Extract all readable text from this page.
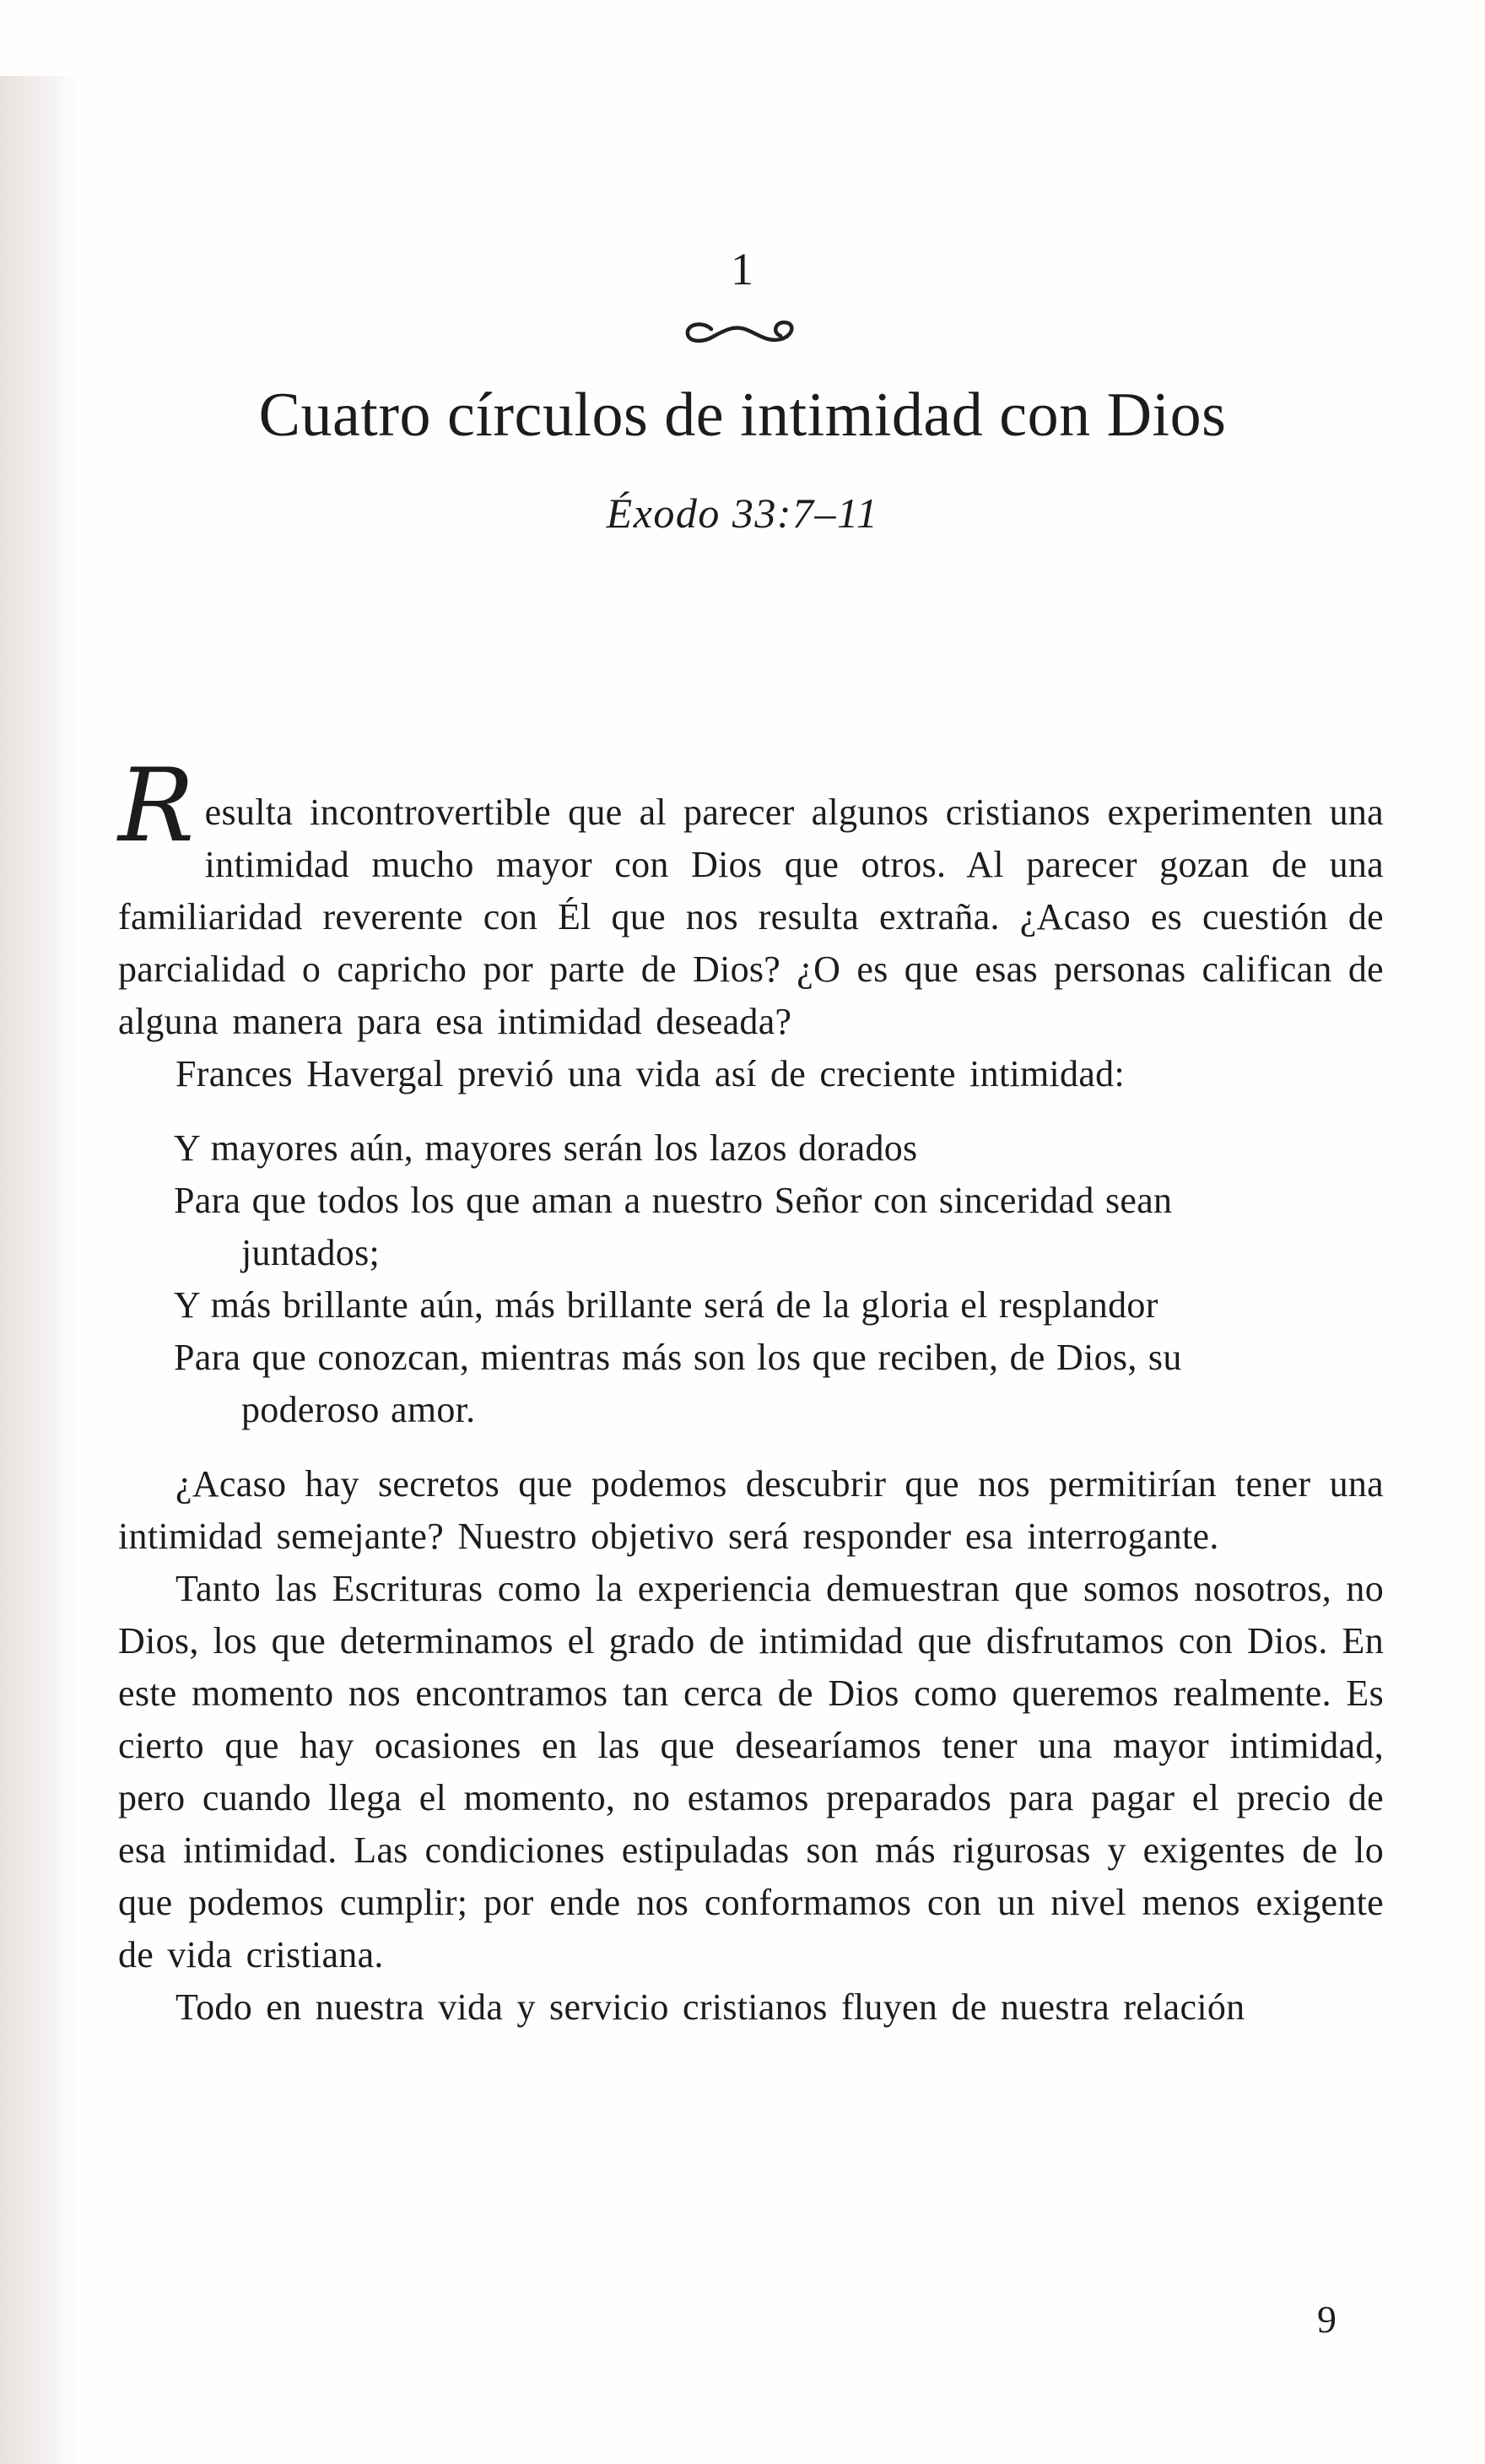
1
Cuatro círculos de intimidad con Dios
Éxodo 33:7–11

Resulta incontrovertible que al parecer algunos cristianos experimenten una intimidad mucho mayor con Dios que otros. Al parecer gozan de una familiaridad reverente con Él que nos resulta extraña. ¿Acaso es cuestión de parcialidad o capricho por parte de Dios? ¿O es que esas personas califican de alguna manera para esa intimidad deseada?

Frances Havergal previó una vida así de creciente intimidad:

Y mayores aún, mayores serán los lazos dorados
Para que todos los que aman a nuestro Señor con sinceridad sean
juntados;
Y más brillante aún, más brillante será de la gloria el resplandor
Para que conozcan, mientras más son los que reciben, de Dios, su
poderoso amor.

¿Acaso hay secretos que podemos descubrir que nos permitirían tener una intimidad semejante? Nuestro objetivo será responder esa interrogante.

Tanto las Escrituras como la experiencia demuestran que somos nosotros, no Dios, los que determinamos el grado de intimidad que disfrutamos con Dios. En este momento nos encontramos tan cerca de Dios como queremos realmente. Es cierto que hay ocasiones en las que desearíamos tener una mayor intimidad, pero cuando llega el momento, no estamos preparados para pagar el precio de esa intimidad. Las condiciones estipuladas son más rigurosas y exigentes de lo que podemos cumplir; por ende nos conformamos con un nivel menos exigente de vida cristiana.

Todo en nuestra vida y servicio cristianos fluyen de nuestra relación

9
